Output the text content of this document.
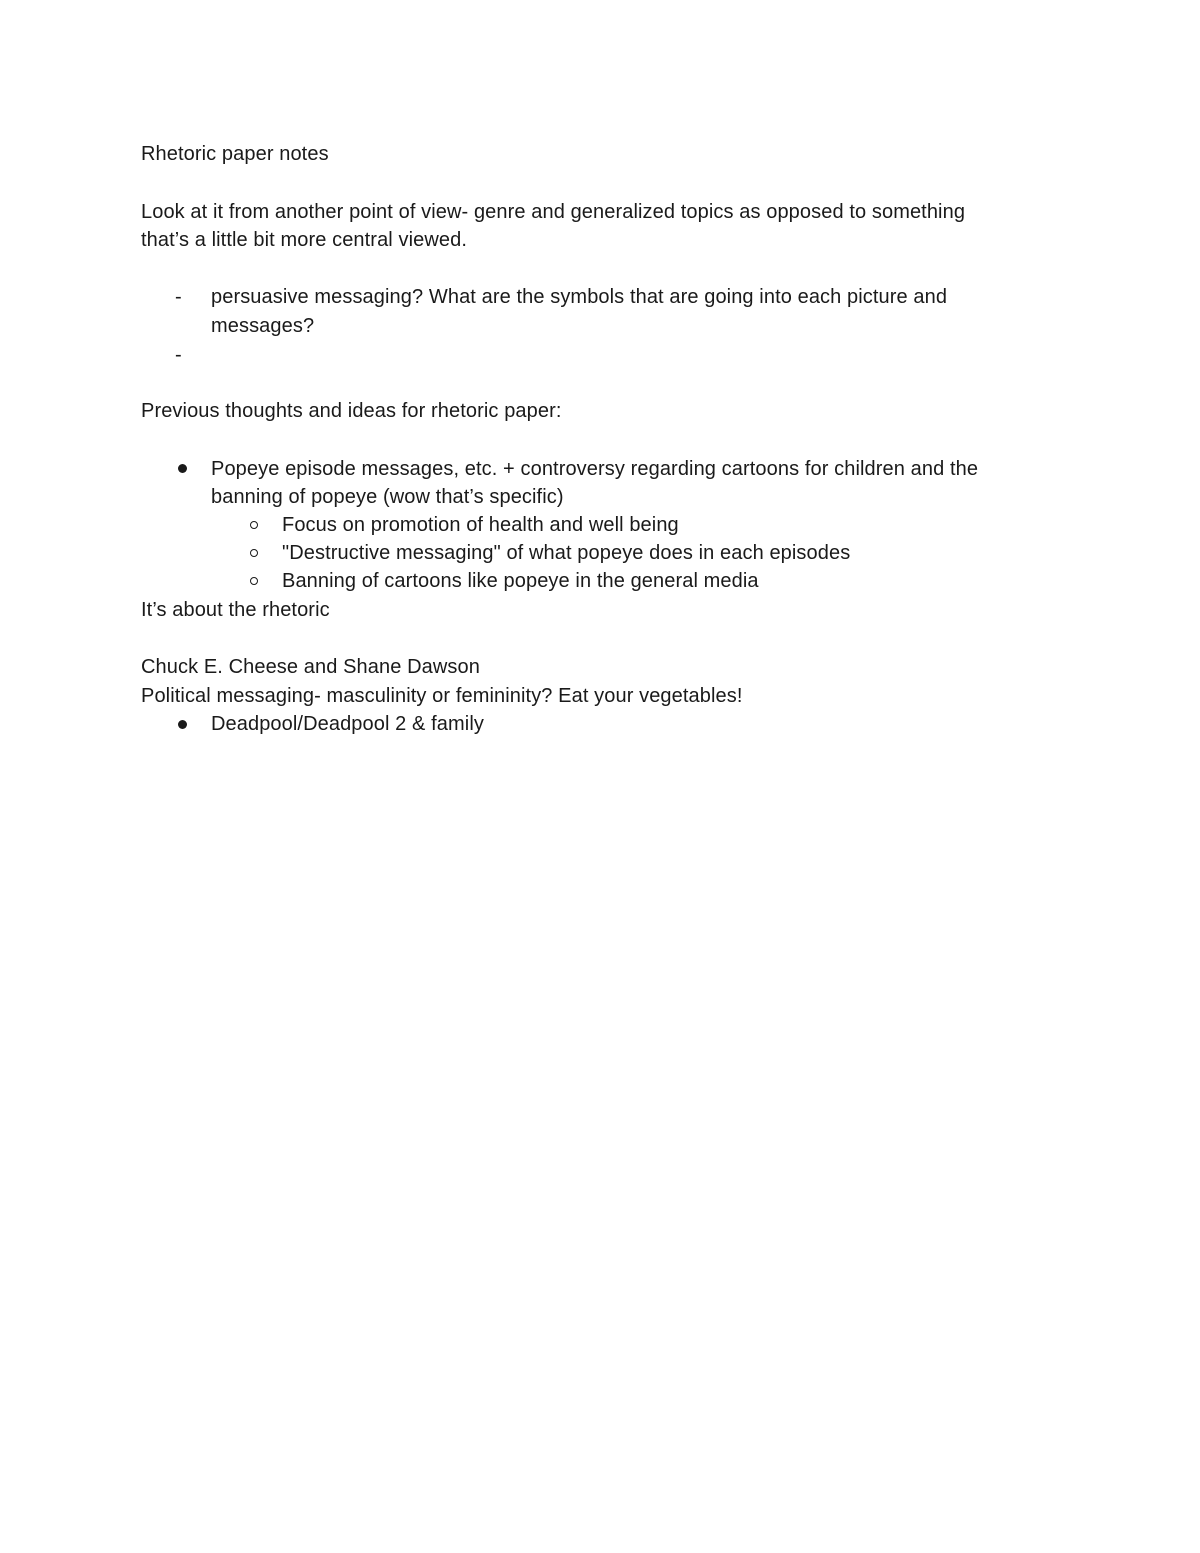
Rhetoric paper notes
Look at it from another point of view- genre and generalized topics as opposed to something
that’s a little bit more central viewed.
- persuasive messaging? What are the symbols that are going into each picture and
messages?
-
Previous thoughts and ideas for rhetoric paper:
Popeye episode messages, etc. + controversy regarding cartoons for children and the
banning of popeye (wow that’s specific)
Focus on promotion of health and well being
"Destructive messaging" of what popeye does in each episodes
Banning of cartoons like popeye in the general media
It’s about the rhetoric
Chuck E. Cheese and Shane Dawson
Political messaging- masculinity or femininity? Eat your vegetables!
Deadpool/Deadpool 2 & family
